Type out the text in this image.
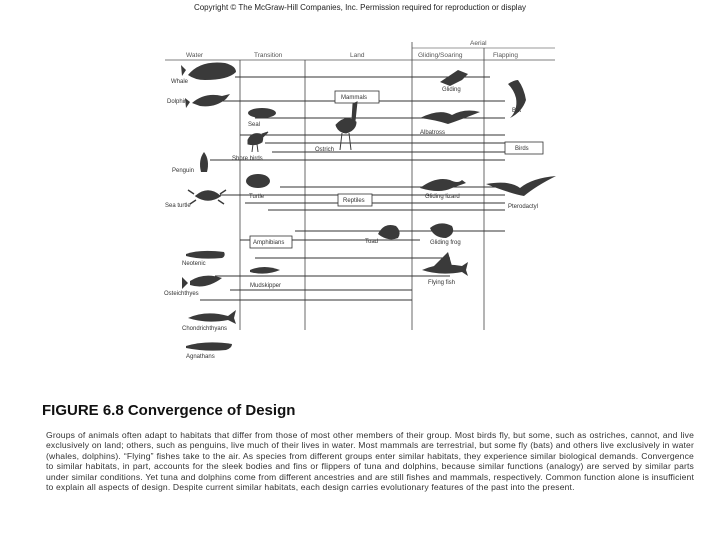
Copyright © The McGraw-Hill Companies, Inc. Permission required for reproduction or display
Aerial
Water	Transition	Land	Gliding/Soaring	Flapping
Mammals
Birds
Reptiles
Amphibians
Whale
Dolphin
Seal
Shore birds
Penguin
Sea turtle
Turtle
Ostrich
Gliding
Albatross
Bat
Gliding lizard
Pterodactyl
Toad	Gliding frog
Flying fish
Neotenic
Osteichthyes
Mudskipper
Chondrichthyans
Agnathans
FIGURE 6.8 Convergence of Design
Groups of animals often adapt to habitats that differ from those of most other members of their group. Most birds fly, but some, such as ostriches, cannot, and live exclusively on land; others, such as penguins, live much of their lives in water. Most mammals are terrestrial, but some fly (bats) and others live exclusively in water (whales, dolphins). “Flying” fishes take to the air. As species from different groups enter similar habitats, they experience similar biological demands. Convergence to similar habitats, in part, accounts for the sleek bodies and fins or flippers of tuna and dolphins, because similar functions (analogy) are served by similar parts under similar conditions. Yet tuna and dolphins come from different ancestries and are still fishes and mammals, respectively. Common function alone is insufficient to explain all aspects of design. Despite current similar habitats, each design carries evolutionary features of the past into the present.
